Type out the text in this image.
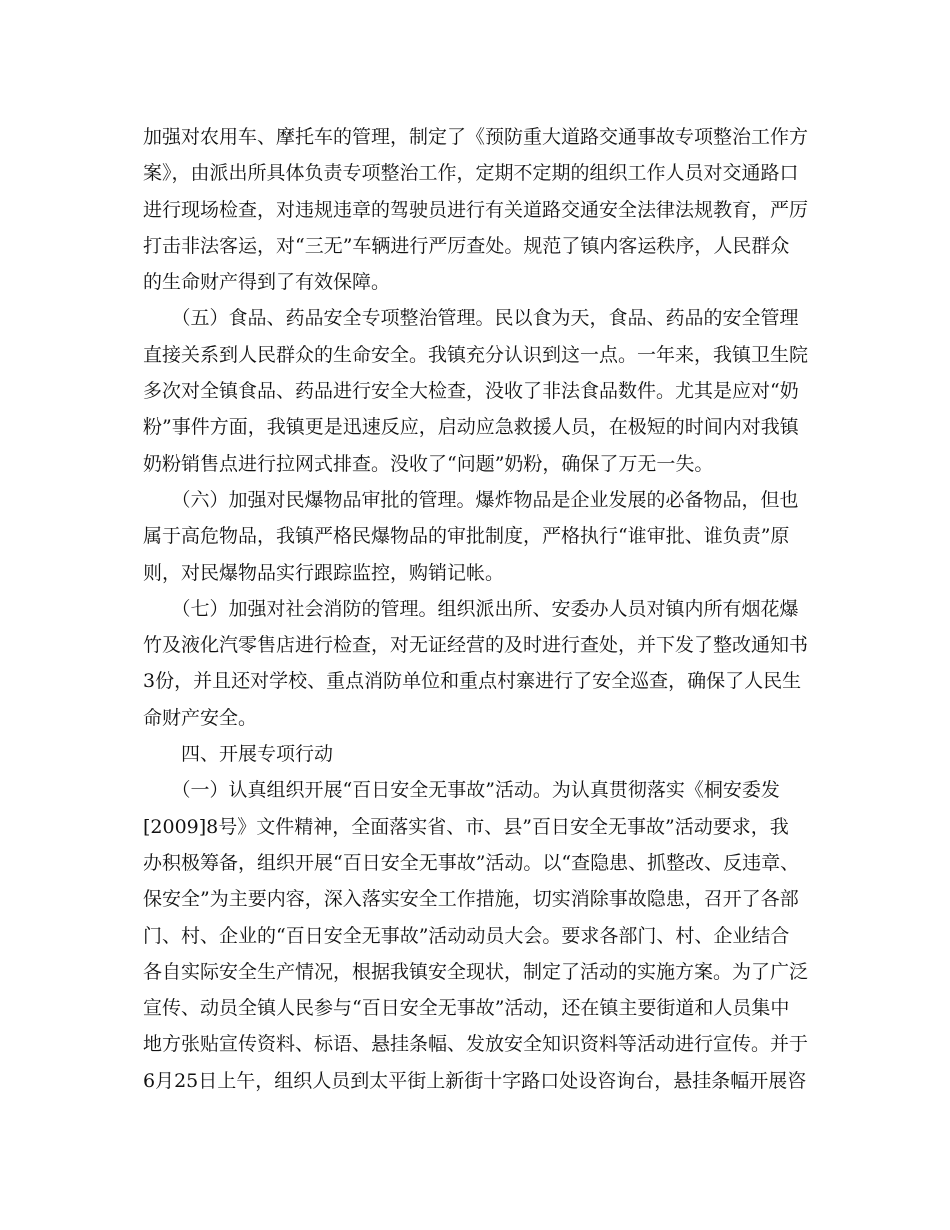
加强对农用车、摩托车的管理，制定了《预防重大道路交通事故专项整治工作方

案》，由派出所具体负责专项整治工作，定期不定期的组织工作人员对交通路口

进行现场检查，对违规违章的驾驶员进行有关道路交通安全法律法规教育，严厉

打击非法客运，对“三无”车辆进行严厉查处。规范了镇内客运秩序，人民群众

的生命财产得到了有效保障。

　　（五）食品、药品安全专项整治管理。民以食为天，食品、药品的安全管理

直接关系到人民群众的生命安全。我镇充分认识到这一点。一年来，我镇卫生院

多次对全镇食品、药品进行安全大检查，没收了非法食品数件。尤其是应对“奶

粉”事件方面，我镇更是迅速反应，启动应急救援人员，在极短的时间内对我镇

奶粉销售点进行拉网式排查。没收了“问题”奶粉，确保了万无一失。

　　（六）加强对民爆物品审批的管理。爆炸物品是企业发展的必备物品，但也

属于高危物品，我镇严格民爆物品的审批制度，严格执行“谁审批、谁负责”原

则，对民爆物品实行跟踪监控，购销记帐。

　　（七）加强对社会消防的管理。组织派出所、安委办人员对镇内所有烟花爆

竹及液化汽零售店进行检查，对无证经营的及时进行查处，并下发了整改通知书

3份，并且还对学校、重点消防单位和重点村寨进行了安全巡查，确保了人民生

命财产安全。

　　四、开展专项行动

　　（一）认真组织开展“百日安全无事故”活动。为认真贯彻落实《桐安委发

[2009]8号》文件精神，全面落实省、市、县”百日安全无事故”活动要求，我

办积极筹备，组织开展“百日安全无事故”活动。以“查隐患、抓整改、反违章、

保安全”为主要内容，深入落实安全工作措施，切实消除事故隐患，召开了各部

门、村、企业的“百日安全无事故”活动动员大会。要求各部门、村、企业结合

各自实际安全生产情况，根据我镇安全现状，制定了活动的实施方案。为了广泛

宣传、动员全镇人民参与“百日安全无事故”活动，还在镇主要街道和人员集中

地方张贴宣传资料、标语、悬挂条幅、发放安全知识资料等活动进行宣传。并于

6月25日上午，组织人员到太平街上新街十字路口处设咨询台，悬挂条幅开展咨
